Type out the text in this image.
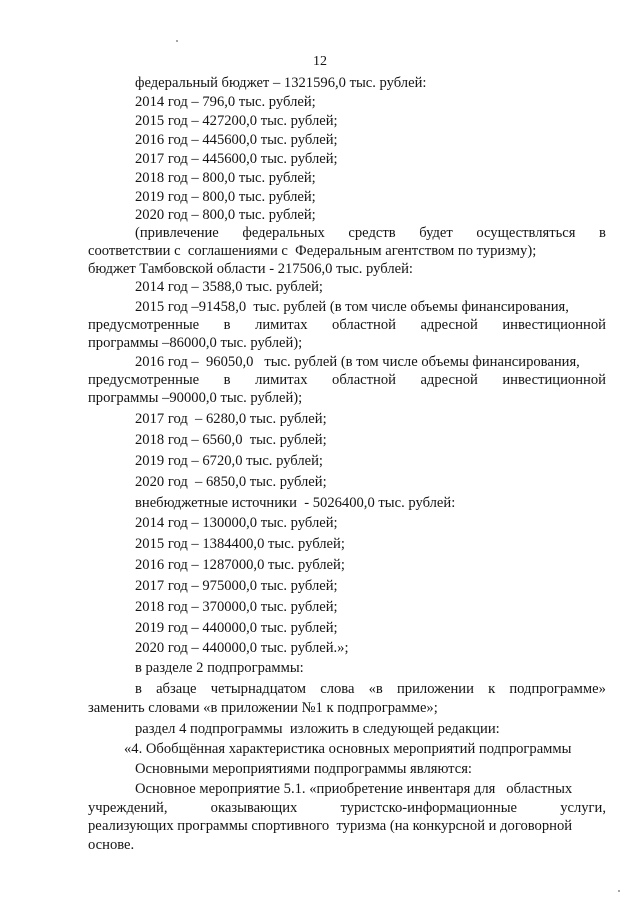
12
федеральный бюджет – 1321596,0 тыс. рублей:
2014 год – 796,0 тыс. рублей;
2015 год – 427200,0 тыс. рублей;
2016 год – 445600,0 тыс. рублей;
2017 год – 445600,0 тыс. рублей;
2018 год – 800,0 тыс. рублей;
2019 год – 800,0 тыс. рублей;
2020 год – 800,0 тыс. рублей;
(привлечение федеральных средств будет осуществляться в
соответствии с  соглашениями с  Федеральным агентством по туризму);
бюджет Тамбовской области - 217506,0 тыс. рублей:
2014 год – 3588,0 тыс. рублей;
2015 год –91458,0  тыс. рублей (в том числе объемы финансирования,
предусмотренные в лимитах областной адресной инвестиционной
программы –86000,0 тыс. рублей);
2016 год –  96050,0   тыс. рублей (в том числе объемы финансирования,
предусмотренные в лимитах областной адресной инвестиционной
программы –90000,0 тыс. рублей);
2017 год  – 6280,0 тыс. рублей;
2018 год – 6560,0  тыс. рублей;
2019 год – 6720,0 тыс. рублей;
2020 год  – 6850,0 тыс. рублей;
внебюджетные источники  - 5026400,0 тыс. рублей:
2014 год – 130000,0 тыс. рублей;
2015 год – 1384400,0 тыс. рублей;
2016 год – 1287000,0 тыс. рублей;
2017 год – 975000,0 тыс. рублей;
2018 год – 370000,0 тыс. рублей;
2019 год – 440000,0 тыс. рублей;
2020 год – 440000,0 тыс. рублей.»;
в разделе 2 подпрограммы:
в абзаце четырнадцатом слова «в приложении к подпрограмме»
заменить словами «в приложении №1 к подпрограмме»;
раздел 4 подпрограммы  изложить в следующей редакции:
«4. Обобщённая характеристика основных мероприятий подпрограммы
Основными мероприятиями подпрограммы являются:
Основное мероприятие 5.1. «приобретение инвентаря для   областных
учреждений,	оказывающих	туристско-информационные	услуги,
реализующих программы спортивного  туризма (на конкурсной и договорной
основе.
